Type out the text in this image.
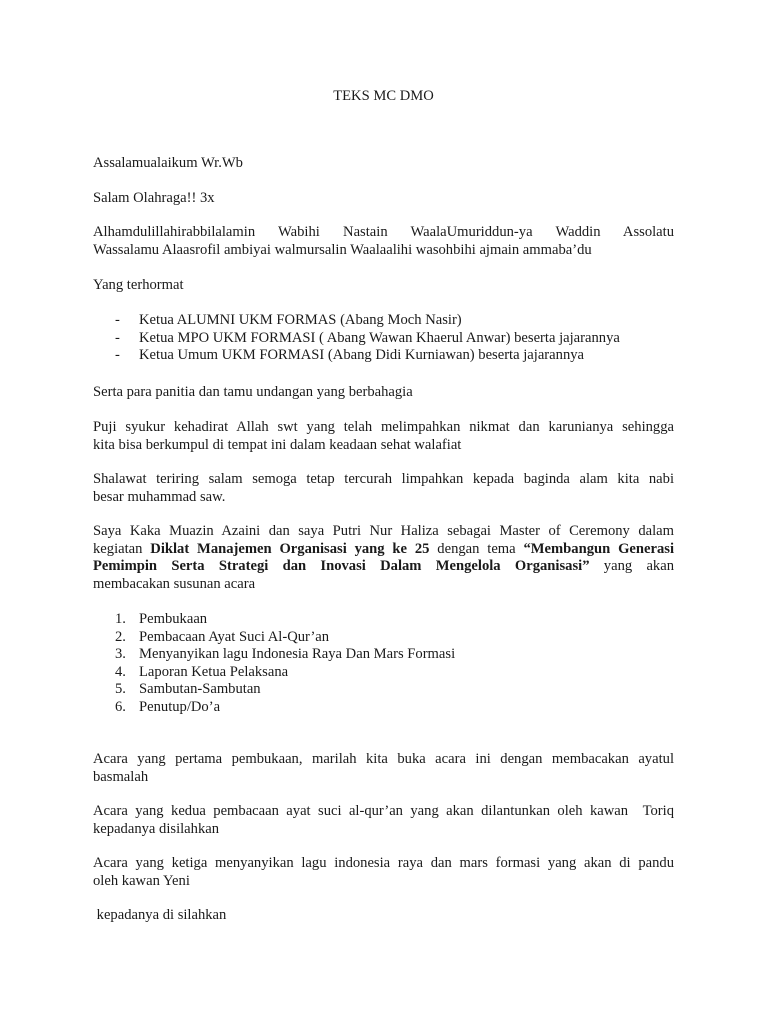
TEKS MC DMO

Assalamualaikum Wr.Wb

Salam Olahraga!! 3x

Alhamdulillahirabbilalamin Wabihi Nastain WaalaUmuriddun-ya Waddin Assolatu
Wassalamu Alaasrofil ambiyai walmursalin Waalaalihi wasohbihi ajmain ammaba’du

Yang terhormat

- Ketua ALUMNI UKM FORMAS (Abang Moch Nasir)
- Ketua MPO UKM FORMASI ( Abang Wawan Khaerul Anwar) beserta jajarannya
- Ketua Umum UKM FORMASI (Abang Didi Kurniawan) beserta jajarannya

Serta para panitia dan tamu undangan yang berbahagia

Puji syukur kehadirat Allah swt yang telah melimpahkan nikmat dan karunianya sehingga
kita bisa berkumpul di tempat ini dalam keadaan sehat walafiat

Shalawat teriring salam semoga tetap tercurah limpahkan kepada baginda alam kita nabi
besar muhammad saw.

Saya Kaka Muazin Azaini dan saya Putri Nur Haliza sebagai Master of Ceremony dalam
kegiatan Diklat Manajemen Organisasi yang ke 25 dengan tema “Membangun Generasi
Pemimpin Serta Strategi dan Inovasi Dalam Mengelola Organisasi” yang akan
membacakan susunan acara

1. Pembukaan
2. Pembacaan Ayat Suci Al-Qur’an
3. Menyanyikan lagu Indonesia Raya Dan Mars Formasi
4. Laporan Ketua Pelaksana
5. Sambutan-Sambutan
6. Penutup/Do’a

Acara yang pertama pembukaan, marilah kita buka acara ini dengan membacakan ayatul
basmalah

Acara yang kedua pembacaan ayat suci al-qur’an yang akan dilantunkan oleh kawan  Toriq
kepadanya disilahkan

Acara yang ketiga menyanyikan lagu indonesia raya dan mars formasi yang akan di pandu
oleh kawan Yeni

kepadanya di silahkan
